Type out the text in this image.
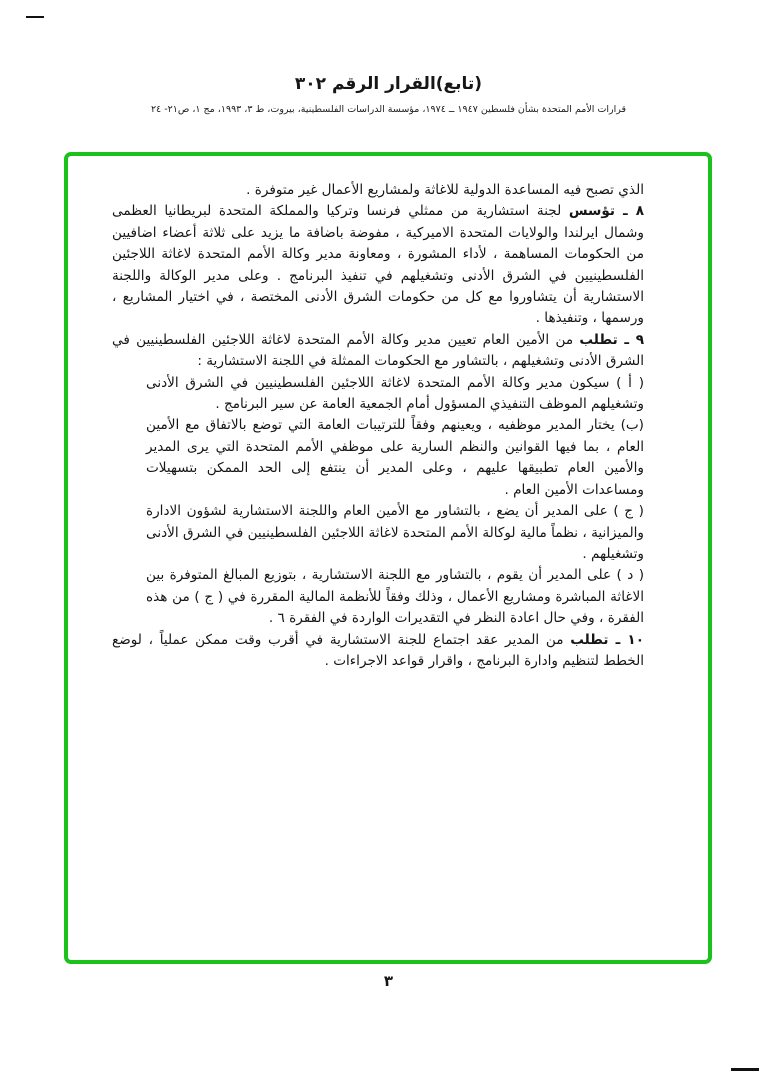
(تابع)القرار الرقم ٣٠٢
قرارات الأمم المتحدة بشأن فلسطين ١٩٤٧ ــ ١٩٧٤، مؤسسة الدراسات الفلسطينية، بيروت، ط ٣، ١٩٩٣، مج ١، ص٢١- ٢٤

الذي تصبح فيه المساعدة الدولية للاغاثة ولمشاريع الأعمال غير متوفرة .

٨ ـ تؤسس لجنة استشارية من ممثلي فرنسا وتركيا والمملكة المتحدة لبريطانيا العظمى وشمال ايرلندا والولايات المتحدة الاميركية ، مفوضة باضافة ما يزيد على ثلاثة أعضاء اضافيين من الحكومات المساهمة ، لأداء المشورة ، ومعاونة مدير وكالة الأمم المتحدة لاغاثة اللاجئين الفلسطينيين في الشرق الأدنى وتشغيلهم في تنفيذ البرنامج . وعلى مدير الوكالة واللجنة الاستشارية أن يتشاوروا مع كل من حكومات الشرق الأدنى المختصة ، في اختيار المشاريع ، ورسمها ، وتنفيذها .

٩ ـ تطلب من الأمين العام تعيين مدير وكالة الأمم المتحدة لاغاثة اللاجئين الفلسطينيين في الشرق الأدنى وتشغيلهم ، بالتشاور مع الحكومات الممثلة في اللجنة الاستشارية :

( أ ) سيكون مدير وكالة الأمم المتحدة لاغاثة اللاجئين الفلسطينيين في الشرق الأدنى وتشغيلهم الموظف التنفيذي المسؤول أمام الجمعية العامة عن سير البرنامج .

(ب) يختار المدير موظفيه ، ويعينهم وفقاً للترتيبات العامة التي توضع بالاتفاق مع الأمين العام ، بما فيها القوانين والنظم السارية على موظفي الأمم المتحدة التي يرى المدير والأمين العام تطبيقها عليهم ، وعلى المدير أن ينتفع إلى الحد الممكن بتسهيلات ومساعدات الأمين العام .

( ج ) على المدير أن يضع ، بالتشاور مع الأمين العام واللجنة الاستشارية لشؤون الادارة والميزانية ، نظماً مالية لوكالة الأمم المتحدة لاغاثة اللاجئين الفلسطينيين في الشرق الأدنى وتشغيلهم .

( د ) على المدير أن يقوم ، بالتشاور مع اللجنة الاستشارية ، بتوزيع المبالغ المتوفرة بين الاغاثة المباشرة ومشاريع الأعمال ، وذلك وفقاً للأنظمة المالية المقررة في ( ج ) من هذه الفقرة ، وفي حال اعادة النظر في التقديرات الواردة في الفقرة ٦ .

١٠ ـ تطلب من المدير عقد اجتماع للجنة الاستشارية في أقرب وقت ممكن عملياً ، لوضع الخطط لتنظيم وادارة البرنامج ، واقرار قواعد الاجراءات .

٣
